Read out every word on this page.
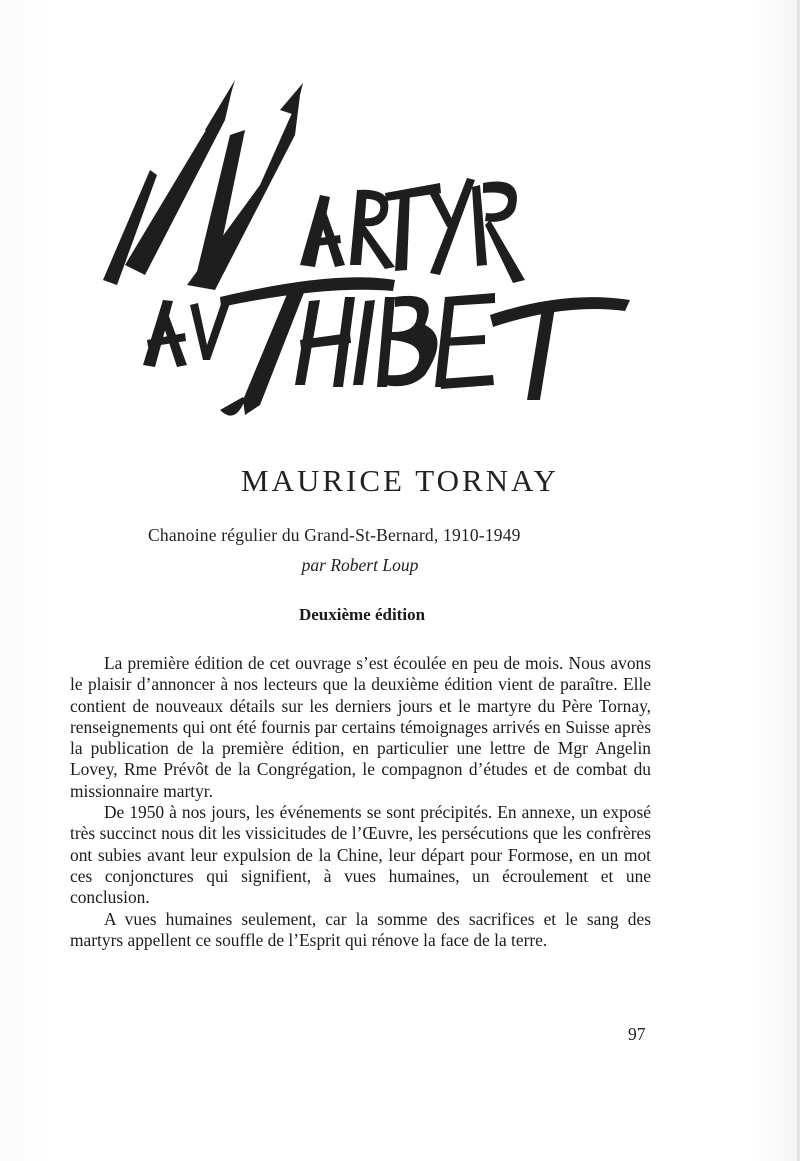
MAURICE TORNAY
Chanoine régulier du Grand-St-Bernard, 1910-1949
par Robert Loup
Deuxième édition

La première édition de cet ouvrage s’est écoulée en peu de mois. Nous avons le plaisir d’annoncer à nos lecteurs que la deuxième édition vient de paraître. Elle contient de nouveaux détails sur les derniers jours et le martyre du Père Tornay, renseignements qui ont été fournis par certains témoignages arrivés en Suisse après la publication de la première édition, en particulier une lettre de Mgr Angelin Lovey, Rme Prévôt de la Congrégation, le compagnon d’études et de combat du missionnaire martyr.

De 1950 à nos jours, les événements se sont précipités. En annexe, un exposé très succinct nous dit les vissicitudes de l’Œuvre, les persécutions que les confrères ont subies avant leur expulsion de la Chine, leur départ pour Formose, en un mot ces conjonctures qui signifient, à vues humaines, un écroulement et une conclusion.

A vues humaines seulement, car la somme des sacrifices et le sang des martyrs appellent ce souffle de l’Esprit qui rénove la face de la terre.

97
